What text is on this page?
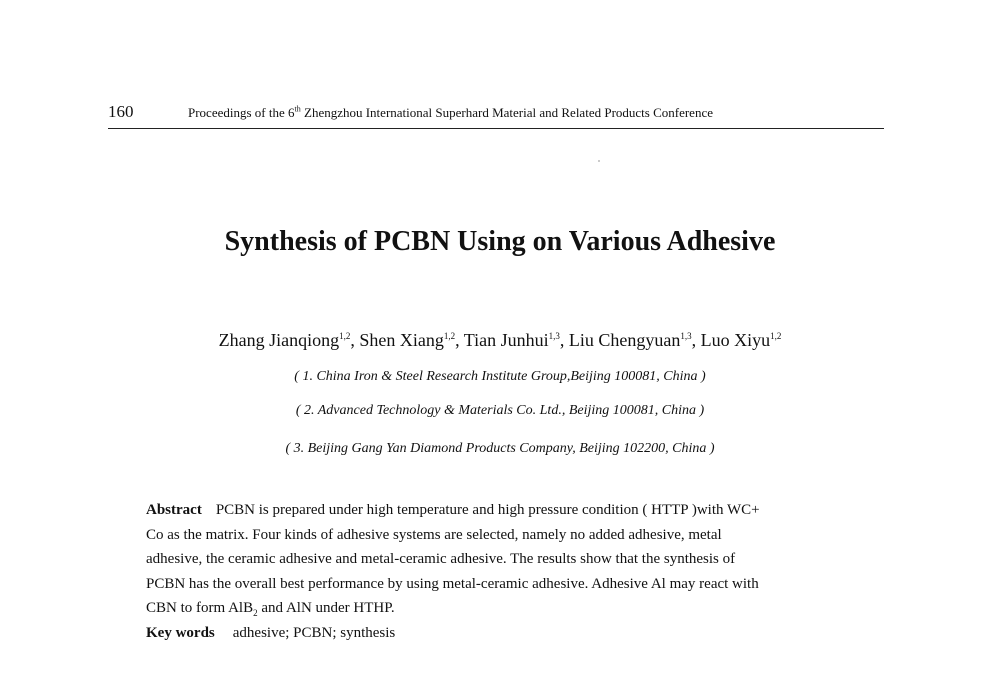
160	Proceedings of the 6th Zhengzhou International Superhard Material and Related Products Conference
Synthesis of PCBN Using on Various Adhesive
Zhang Jianqiong$^{1,2}$, Shen Xiang$^{1,2}$, Tian Junhui$^{1,3}$, Liu Chengyuan$^{1,3}$, Luo Xiyu$^{1,2}$
( 1. China Iron & Steel Research Institute Group,Beijing 100081, China )
( 2. Advanced Technology & Materials Co. Ltd., Beijing 100081, China )
( 3. Beijing Gang Yan Diamond Products Company, Beijing 102200, China )
Abstract PCBN is prepared under high temperature and high pressure condition ( HTTP )with WC+
Co as the matrix. Four kinds of adhesive systems are selected, namely no added adhesive, metal
adhesive, the ceramic adhesive and metal-ceramic adhesive. The results show that the synthesis of
PCBN has the overall best performance by using metal-ceramic adhesive. Adhesive Al may react with
CBN to form AlB$_2$ and AlN under HTHP.
Key words adhesive; PCBN; synthesis
